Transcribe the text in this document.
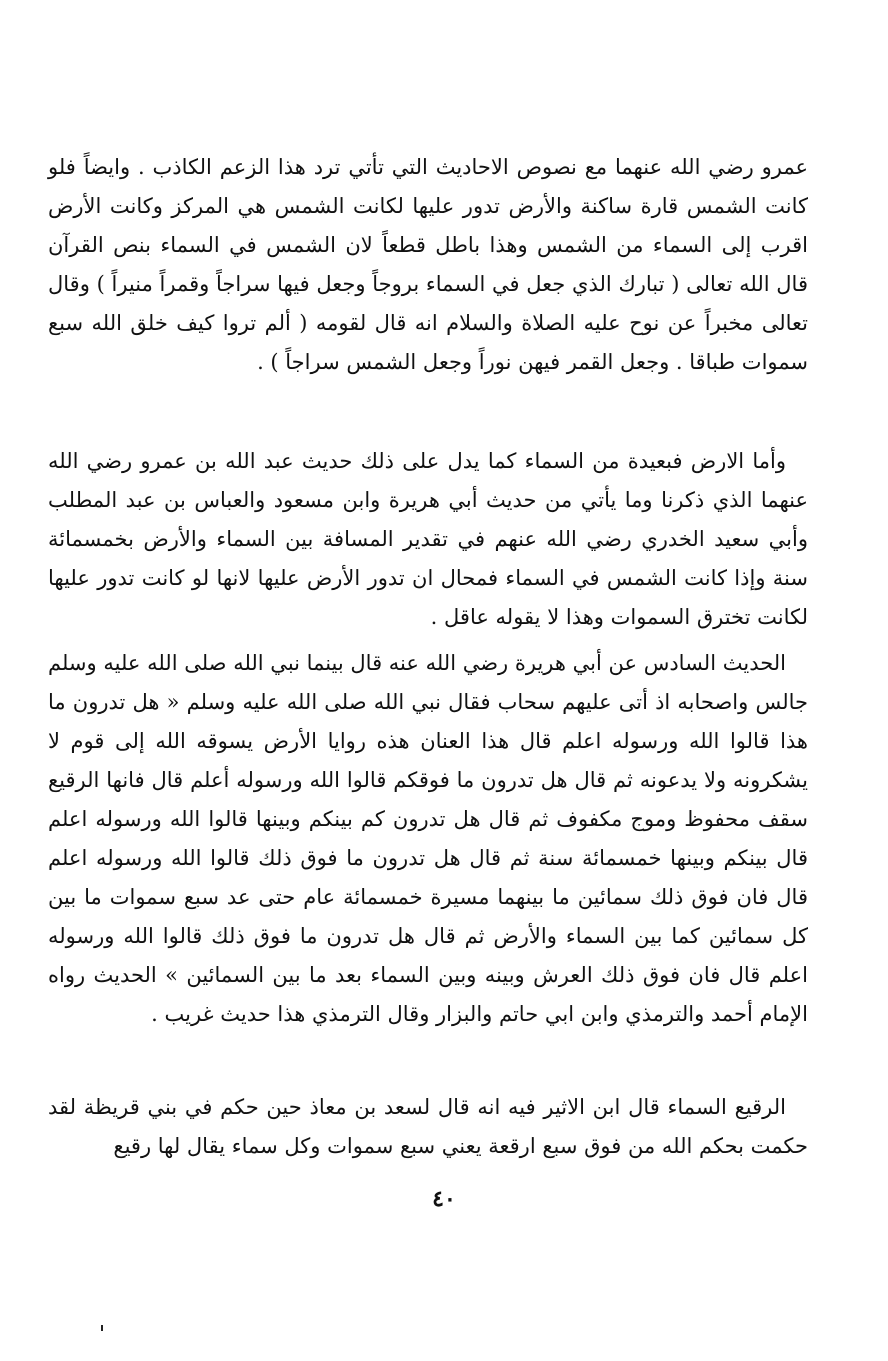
عمرو رضي الله عنهما مع نصوص الاحاديث التي تأتي ترد هذا الزعم الكاذب . وايضاً فلو كانت الشمس قارة ساكنة والأرض تدور عليها لكانت الشمس هي المركز وكانت الأرض اقرب إلى السماء من الشمس وهذا باطل قطعاً لان الشمس في السماء بنص القرآن قال الله تعالى ( تبارك الذي جعل في السماء بروجاً وجعل فيها سراجاً وقمراً منيراً ) وقال تعالى مخبراً عن نوح عليه الصلاة والسلام انه قال لقومه ( ألم تروا كيف خلق الله سبع سموات طباقا . وجعل القمر فيهن نوراً وجعل الشمس سراجاً ) .

وأما الارض فبعيدة من السماء كما يدل على ذلك حديث عبد الله بن عمرو رضي الله عنهما الذي ذكرنا وما يأتي من حديث أبي هريرة وابن مسعود والعباس بن عبد المطلب وأبي سعيد الخدري رضي الله عنهم في تقدير المسافة بين السماء والأرض بخمسمائة سنة وإذا كانت الشمس في السماء فمحال ان تدور الأرض عليها لانها لو كانت تدور عليها لكانت تخترق السموات وهذا لا يقوله عاقل .

الحديث السادس عن أبي هريرة رضي الله عنه قال بينما نبي الله صلى الله عليه وسلم جالس واصحابه اذ أتى عليهم سحاب فقال نبي الله صلى الله عليه وسلم « هل تدرون ما هذا قالوا الله ورسوله اعلم قال هذا العنان هذه روايا الأرض يسوقه الله إلى قوم لا يشكرونه ولا يدعونه ثم قال هل تدرون ما فوقكم قالوا الله ورسوله أعلم قال فانها الرقيع سقف محفوظ وموج مكفوف ثم قال هل تدرون كم بينكم وبينها قالوا الله ورسوله اعلم قال بينكم وبينها خمسمائة سنة ثم قال هل تدرون ما فوق ذلك قالوا الله ورسوله اعلم قال فان فوق ذلك سمائين ما بينهما مسيرة خمسمائة عام حتى عد سبع سموات ما بين كل سمائين كما بين السماء والأرض ثم قال هل تدرون ما فوق ذلك قالوا الله ورسوله اعلم قال فان فوق ذلك العرش وبينه وبين السماء بعد ما بين السمائين » الحديث رواه الإمام أحمد والترمذي وابن ابي حاتم والبزار وقال الترمذي هذا حديث غريب .

الرقيع السماء قال ابن الاثير فيه انه قال لسعد بن معاذ حين حكم في بني قريظة لقد حكمت بحكم الله من فوق سبع ارقعة يعني سبع سموات وكل سماء يقال لها رقيع

٤٠
